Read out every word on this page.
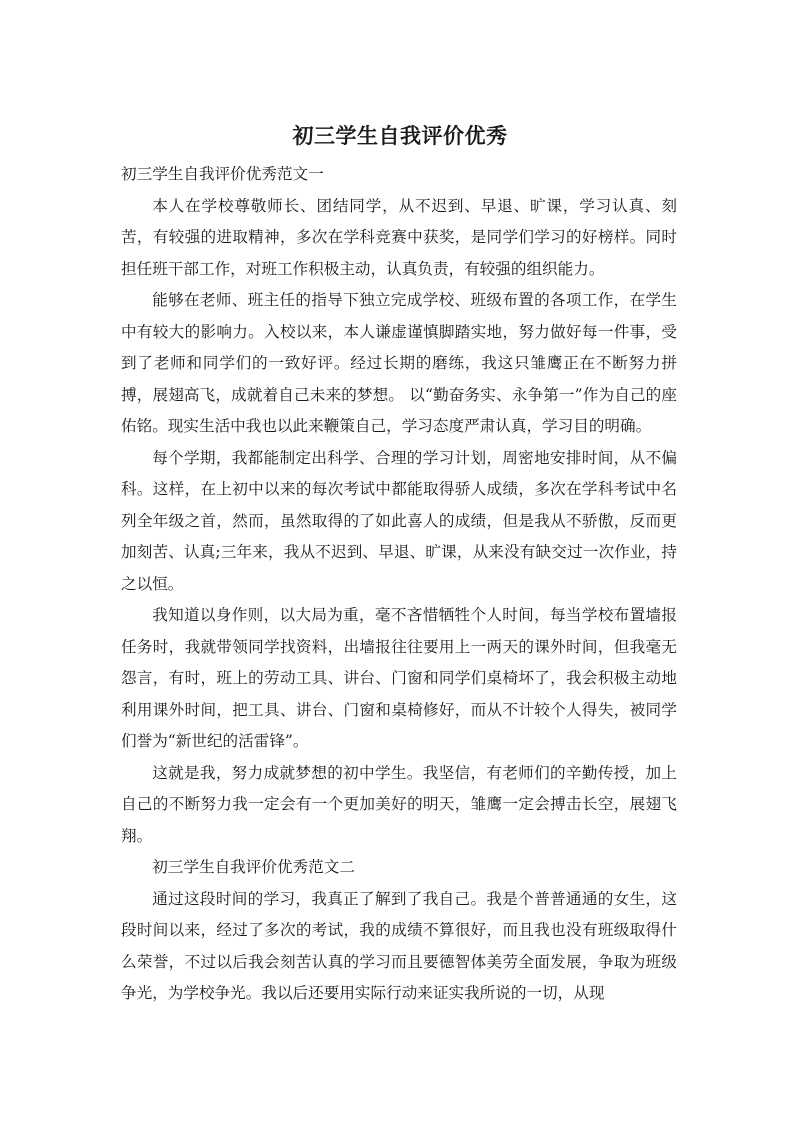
初三学生自我评价优秀

初三学生自我评价优秀范文一

本人在学校尊敬师长、团结同学，从不迟到、早退、旷课，学习认真、刻苦，有较强的进取精神，多次在学科竞赛中获奖，是同学们学习的好榜样。同时担任班干部工作，对班工作积极主动，认真负责，有较强的组织能力。

能够在老师、班主任的指导下独立完成学校、班级布置的各项工作，在学生中有较大的影响力。入校以来，本人谦虚谨慎脚踏实地，努力做好每一件事，受到了老师和同学们的一致好评。经过长期的磨练，我这只雏鹰正在不断努力拼搏，展翅高飞，成就着自己未来的梦想。 以“勤奋务实、永争第一”作为自己的座佑铭。现实生活中我也以此来鞭策自己，学习态度严肃认真，学习目的明确。

每个学期，我都能制定出科学、合理的学习计划，周密地安排时间，从不偏科。这样，在上初中以来的每次考试中都能取得骄人成绩，多次在学科考试中名列全年级之首，然而，虽然取得的了如此喜人的成绩，但是我从不骄傲，反而更加刻苦、认真;三年来，我从不迟到、早退、旷课，从来没有缺交过一次作业，持之以恒。

我知道以身作则，以大局为重，毫不吝惜牺牲个人时间，每当学校布置墙报任务时，我就带领同学找资料，出墙报往往要用上一两天的课外时间，但我毫无怨言，有时，班上的劳动工具、讲台、门窗和同学们桌椅坏了，我会积极主动地利用课外时间，把工具、讲台、门窗和桌椅修好，而从不计较个人得失，被同学们誉为“新世纪的活雷锋”。

这就是我，努力成就梦想的初中学生。我坚信，有老师们的辛勤传授，加上自己的不断努力我一定会有一个更加美好的明天，雏鹰一定会搏击长空，展翅飞翔。

初三学生自我评价优秀范文二

通过这段时间的学习，我真正了解到了我自己。我是个普普通通的女生，这段时间以来，经过了多次的考试，我的成绩不算很好，而且我也没有班级取得什么荣誉，不过以后我会刻苦认真的学习而且要德智体美劳全面发展，争取为班级争光，为学校争光。我以后还要用实际行动来证实我所说的一切，从现
